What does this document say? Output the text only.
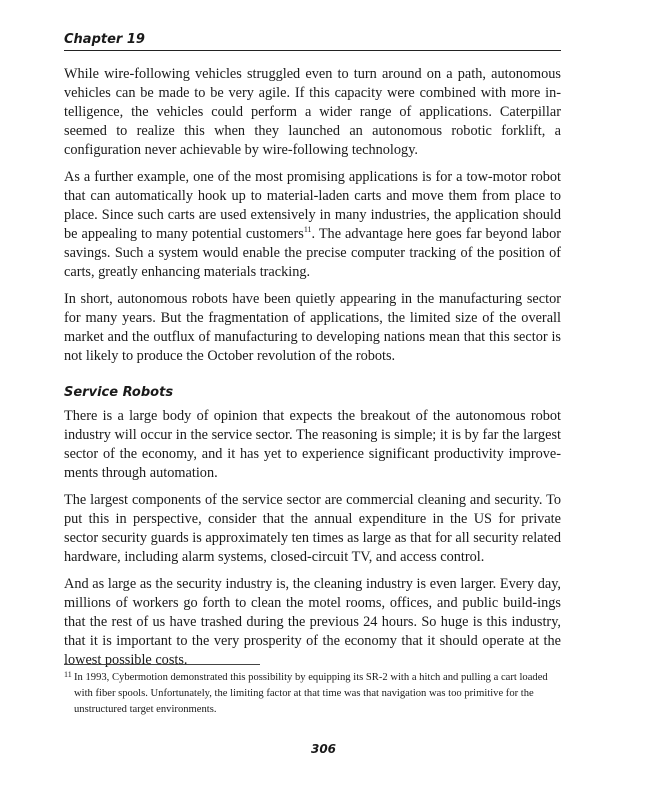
Chapter 19

While wire-following vehicles struggled even to turn around on a path, autonomous vehicles can be made to be very agile. If this capacity were combined with more in-telligence, the vehicles could perform a wider range of applications. Caterpillar seemed to realize this when they launched an autonomous robotic forklift, a configuration never achievable by wire-following technology.

As a further example, one of the most promising applications is for a tow-motor robot that can automatically hook up to material-laden carts and move them from place to place. Since such carts are used extensively in many industries, the application should be appealing to many potential customers$^{11}$. The advantage here goes far beyond labor savings. Such a system would enable the precise computer tracking of the position of carts, greatly enhancing materials tracking.

In short, autonomous robots have been quietly appearing in the manufacturing sector for many years. But the fragmentation of applications, the limited size of the overall market and the outflux of manufacturing to developing nations mean that this sector is not likely to produce the October revolution of the robots.

Service Robots

There is a large body of opinion that expects the breakout of the autonomous robot industry will occur in the service sector. The reasoning is simple; it is by far the largest sector of the economy, and it has yet to experience significant productivity improve-ments through automation.

The largest components of the service sector are commercial cleaning and security. To put this in perspective, consider that the annual expenditure in the US for private sector security guards is approximately ten times as large as that for all security related hardware, including alarm systems, closed-circuit TV, and access control.

And as large as the security industry is, the cleaning industry is even larger. Every day, millions of workers go forth to clean the motel rooms, offices, and public build-ings that the rest of us have trashed during the previous 24 hours. So huge is this industry, that it is important to the very prosperity of the economy that it should operate at the lowest possible costs.

11 In 1993, Cybermotion demonstrated this possibility by equipping its SR-2 with a hitch and pulling a cart loaded with fiber spools. Unfortunately, the limiting factor at that time was that navigation was too primitive for the unstructured target environments.
306
